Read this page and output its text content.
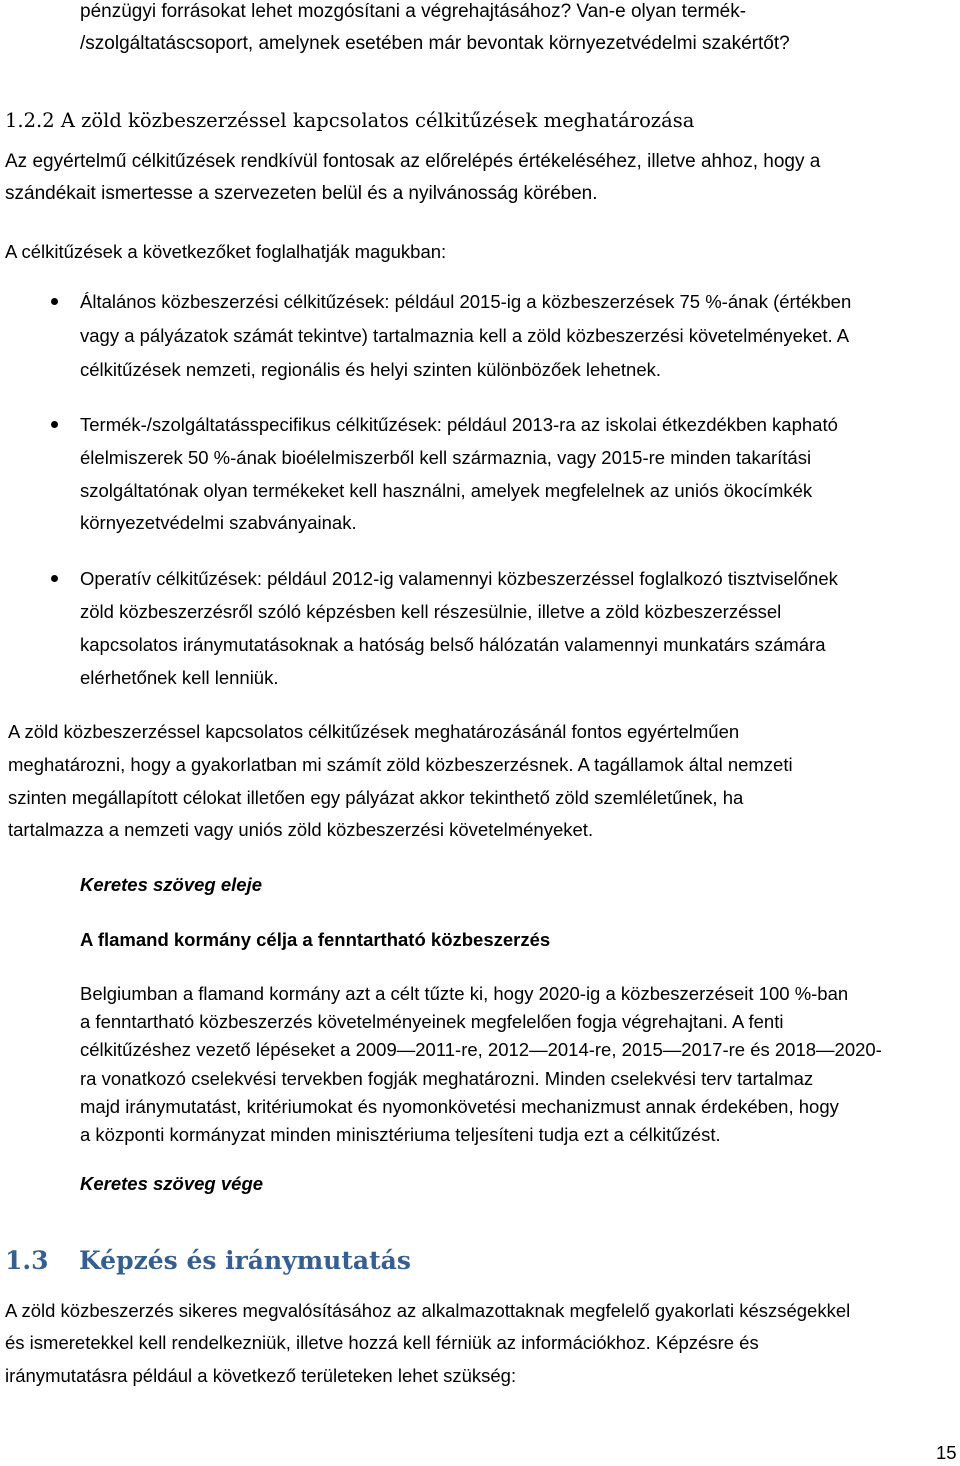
pénzügyi forrásokat lehet mozgósítani a végrehajtásához? Van-e olyan termék-
/szolgáltatáscsoport, amelynek esetében már bevontak környezetvédelmi szakértőt?
1.2.2 A zöld közbeszerzéssel kapcsolatos célkitűzések meghatározása
Az egyértelmű célkitűzések rendkívül fontosak az előrelépés értékeléséhez, illetve ahhoz, hogy a
szándékait ismertesse a szervezeten belül és a nyilvánosság körében.
A célkitűzések a következőket foglalhatják magukban:
Általános közbeszerzési célkitűzések: például 2015-ig a közbeszerzések 75 %-ának (értékben
vagy a pályázatok számát tekintve) tartalmaznia kell a zöld közbeszerzési követelményeket. A
célkitűzések nemzeti, regionális és helyi szinten különbözőek lehetnek.
Termék-/szolgáltatásspecifikus célkitűzések: például 2013-ra az iskolai étkezdékben kapható
élelmiszerek 50 %-ának bioélelmiszerből kell származnia, vagy 2015-re minden takarítási
szolgáltatónak olyan termékeket kell használni, amelyek megfelelnek az uniós ökocímkék
környezetvédelmi szabványainak.
Operatív célkitűzések: például 2012-ig valamennyi közbeszerzéssel foglalkozó tisztviselőnek
zöld közbeszerzésről szóló képzésben kell részesülnie, illetve a zöld közbeszerzéssel
kapcsolatos iránymutatásoknak a hatóság belső hálózatán valamennyi munkatárs számára
elérhetőnek kell lenniük.
A zöld közbeszerzéssel kapcsolatos célkitűzések meghatározásánál fontos egyértelműen
meghatározni, hogy a gyakorlatban mi számít zöld közbeszerzésnek. A tagállamok által nemzeti
szinten megállapított célokat illetően egy pályázat akkor tekinthető zöld szemléletűnek, ha
tartalmazza a nemzeti vagy uniós zöld közbeszerzési követelményeket.
Keretes szöveg eleje
A flamand kormány célja a fenntartható közbeszerzés
Belgiumban a flamand kormány azt a célt tűzte ki, hogy 2020-ig a közbeszerzéseit 100 %-ban
a fenntartható közbeszerzés követelményeinek megfelelően fogja végrehajtani. A fenti
célkitűzéshez vezető lépéseket a 2009―2011-re, 2012―2014-re, 2015―2017-re és 2018―2020-
ra vonatkozó cselekvési tervekben fogják meghatározni. Minden cselekvési terv tartalmaz
majd iránymutatást, kritériumokat és nyomonkövetési mechanizmust annak érdekében, hogy
a központi kormányzat minden minisztériuma teljesíteni tudja ezt a célkitűzést.
Keretes szöveg vége
1.3 Képzés és iránymutatás
A zöld közbeszerzés sikeres megvalósításához az alkalmazottaknak megfelelő gyakorlati készségekkel
és ismeretekkel kell rendelkezniük, illetve hozzá kell férniük az információkhoz. Képzésre és
iránymutatásra például a következő területeken lehet szükség:
15
